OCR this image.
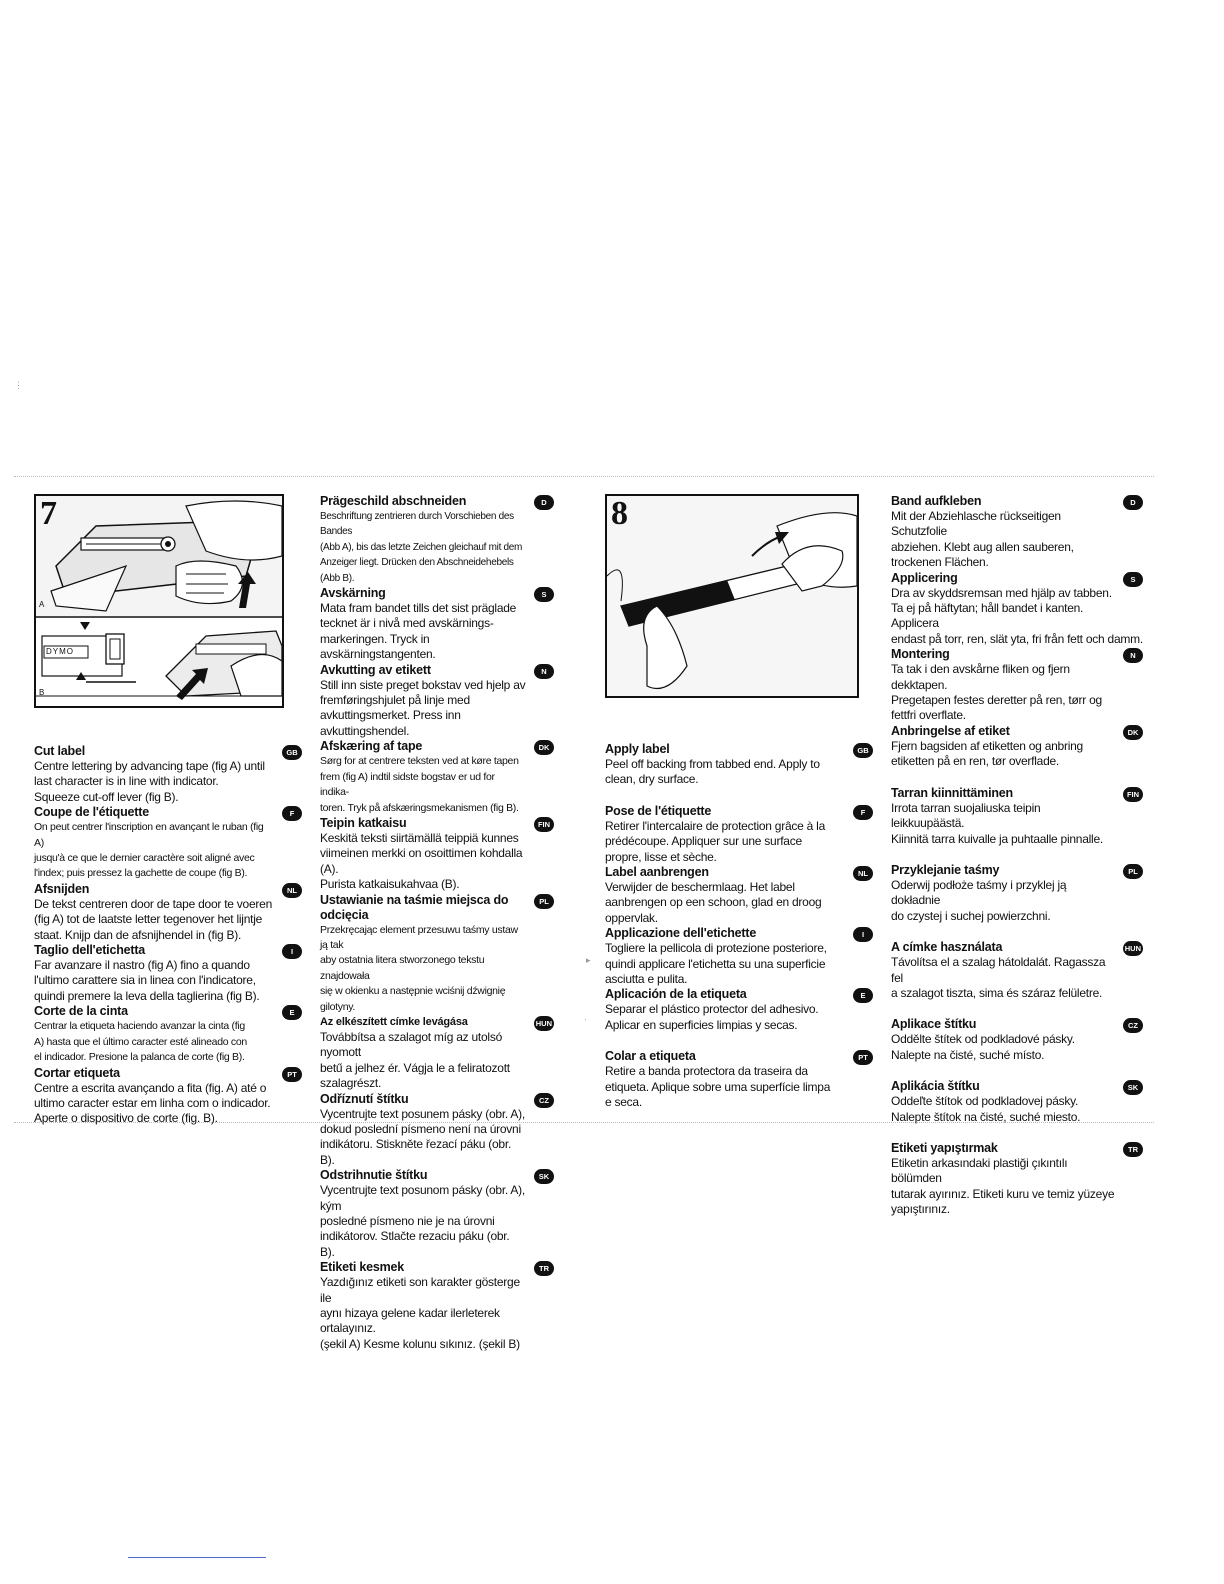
⋮
▸
·
7
A
B
DYMO
Cut label	GB

Centre lettering by advancing tape (fig A) until

last character is in line with indicator.

Squeeze cut-off lever (fig B).

Coupe de l'étiquette	F

On peut centrer l'inscription en avançant le ruban (fig A)

jusqu'à ce que le dernier caractère soit aligné avec

l'index; puis pressez la gachette de coupe (fig B).

Afsnijden	NL

De tekst centreren door de tape door te voeren

(fig A) tot de laatste letter tegenover het lijntje

staat. Knijp dan de afsnijhendel in (fig B).

Taglio dell'etichetta	I

Far avanzare il nastro (fig A) fino a quando

l'ultimo carattere sia in linea con l'indicatore,

quindi premere la leva della taglierina (fig B).

Corte de la cinta	E

Centrar la etiqueta haciendo avanzar la cinta (fig

A) hasta que el último caracter esté alineado con

el indicador. Presione la palanca de corte (fig B).

Cortar etiqueta	PT

Centre a escrita avançando a fita (fig. A) até o

ultimo caracter estar em linha com o indicador.

Aperte o dispositivo de corte (fig. B).

Prägeschild abschneiden	D

Beschriftung zentrieren durch Vorschieben des Bandes

(Abb A), bis das letzte Zeichen gleichauf mit dem

Anzeiger liegt. Drücken den Abschneidehebels (Abb B).

Avskärning	S

Mata fram bandet tills det sist präglade

tecknet är i nivå med avskärnings-

markeringen. Tryck in avskärningstangenten.

Avkutting av etikett	N

Still inn siste preget bokstav ved hjelp av

fremføringshjulet på linje med

avkuttingsmerket. Press inn avkuttingshendel.

Afskæring af tape	DK

Sørg for at centrere teksten ved at køre tapen

frem (fig A) indtil sidste bogstav er ud for indika-

toren. Tryk på afskæringsmekanismen (fig B).

Teipin katkaisu	FIN

Keskitä teksti siirtämällä teippiä kunnes

viimeinen merkki on osoittimen kohdalla (A).

Purista katkaisukahvaa (B).

Ustawianie na taśmie miejsca do odcięcia
PL

Przekręcając element przesuwu taśmy ustaw ją tak

aby ostatnia litera stworzonego tekstu znajdowała

się w okienku a następnie wciśnij dźwignię gilotyny.

Az elkészített címke levágása	HUN

Továbbítsa a szalagot míg az utolsó nyomott

betű a jelhez ér. Vágja le a feliratozott

szalagrészt.

Odříznutí štítku	CZ

Vycentrujte text posunem pásky (obr. A),

dokud poslední písmeno není na úrovni

indikátoru. Stiskněte řezací páku (obr. B).

Odstrihnutie štítku	SK

Vycentrujte text posunom pásky (obr. A), kým

posledné písmeno nie je na úrovni

indikátorov. Stlačte rezaciu páku (obr. B).

Etiketi kesmek	TR

Yazdığınız etiketi son karakter gösterge ile

aynı hizaya gelene kadar ilerleterek ortalayınız.

(şekil A) Kesme kolunu sıkınız. (şekil B)

8
Apply label	GB

Peel off backing from tabbed end. Apply to

clean, dry surface.

Pose de l'étiquette	F

Retirer l'intercalaire de protection grâce à la

prédécoupe. Appliquer sur une surface

propre, lisse et sèche.

Label aanbrengen	NL

Verwijder de beschermlaag. Het label

aanbrengen op een schoon, glad en droog

oppervlak.

Applicazione dell'etichette	I

Togliere la pellicola di protezione posteriore,

quindi applicare l'etichetta su una superficie

asciutta e pulita.

Aplicación de la etiqueta	E

Separar el plástico protector del adhesivo.

Aplicar en superficies limpias y secas.

Colar a etiqueta	PT

Retire a banda protectora da traseira da

etiqueta. Aplique sobre uma superfície limpa

e seca.

Band aufkleben	D

Mit der Abziehlasche rückseitigen Schutzfolie

abziehen. Klebt aug allen sauberen,

trockenen Flächen.

Applicering	S

Dra av skyddsremsan med hjälp av tabben.

Ta ej på häftytan; håll bandet i kanten. Applicera

endast på torr, ren, slät yta, fri från fett och damm.

Montering	N

Ta tak i den avskårne fliken og fjern dekktapen.

Pregetapen festes deretter på ren, tørr og

fettfri overflate.

Anbringelse af etiket	DK

Fjern bagsiden af etiketten og anbring

etiketten på en ren, tør overflade.

Tarran kiinnittäminen	FIN

Irrota tarran suojaliuska teipin leikkuupäästä.

Kiinnitä tarra kuivalle ja puhtaalle pinnalle.

Przyklejanie taśmy	PL

Oderwij podłoże taśmy i przyklej ją dokładnie

do czystej i suchej powierzchni.

A címke használata	HUN

Távolítsa el a szalag hátoldalát. Ragassza fel

a szalagot tiszta, sima és száraz felületre.

Aplikace štítku	CZ

Oddělte štítek od podkladové pásky.

Nalepte na čisté, suché místo.

Aplikácia štítku	SK

Oddeľte štítok od podkladovej pásky.

Nalepte štítok na čisté, suché miesto.

Etiketi yapıştırmak	TR

Etiketin arkasındaki plastiği çıkıntılı bölümden

tutarak ayırınız. Etiketi kuru ve temiz yüzeye

yapıştırınız.
